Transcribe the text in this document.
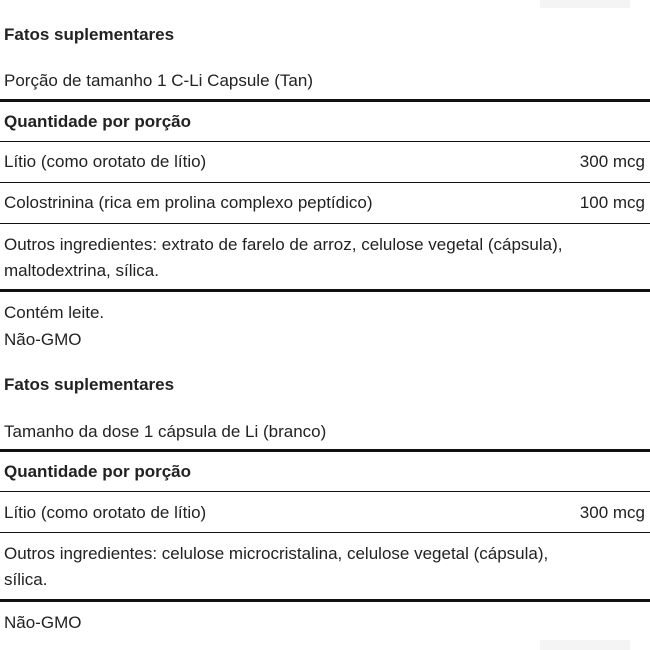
Fatos suplementares
Porção de tamanho 1 C-Li Capsule (Tan)
Quantidade por porção
Lítio (como orotato de lítio)	300 mcg
Colostrinina (rica em prolina complexo peptídico)	100 mcg
Outros ingredientes: extrato de farelo de arroz, celulose vegetal (cápsula),
maltodextrina, sílica.
Contém leite.
Não-GMO
Fatos suplementares
Tamanho da dose 1 cápsula de Li (branco)
Quantidade por porção
Lítio (como orotato de lítio)	300 mcg
Outros ingredientes: celulose microcristalina, celulose vegetal (cápsula),
sílica.
Não-GMO
